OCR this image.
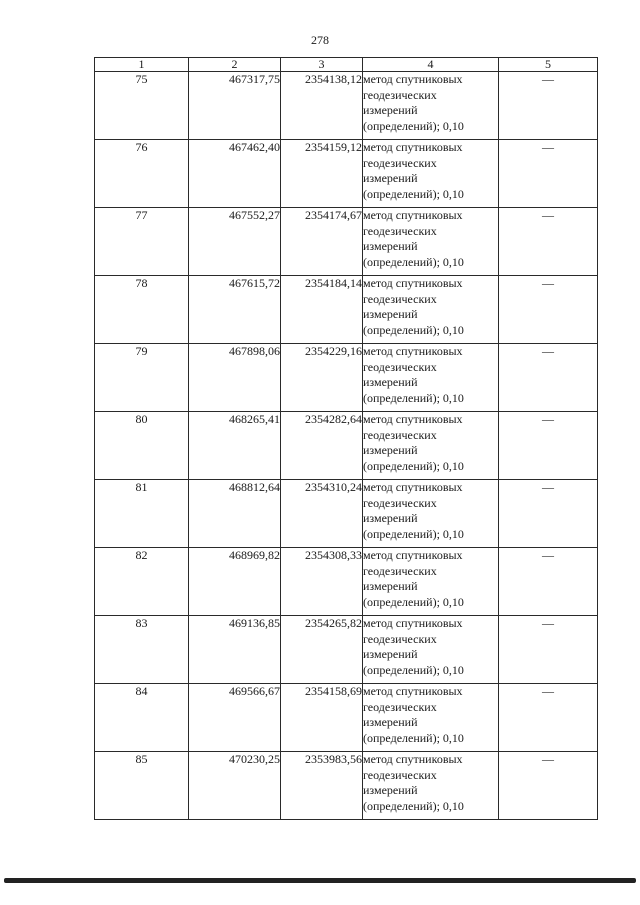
278
1	2	3	4	5
75	467317,75	2354138,12	метод спутниковых
геодезических
измерений
(определений); 0,10	—
76	467462,40	2354159,12	метод спутниковых
геодезических
измерений
(определений); 0,10	—
77	467552,27	2354174,67	метод спутниковых
геодезических
измерений
(определений); 0,10	—
78	467615,72	2354184,14	метод спутниковых
геодезических
измерений
(определений); 0,10	—
79	467898,06	2354229,16	метод спутниковых
геодезических
измерений
(определений); 0,10	—
80	468265,41	2354282,64	метод спутниковых
геодезических
измерений
(определений); 0,10	—
81	468812,64	2354310,24	метод спутниковых
геодезических
измерений
(определений); 0,10	—
82	468969,82	2354308,33	метод спутниковых
геодезических
измерений
(определений); 0,10	—
83	469136,85	2354265,82	метод спутниковых
геодезических
измерений
(определений); 0,10	—
84	469566,67	2354158,69	метод спутниковых
геодезических
измерений
(определений); 0,10	—
85	470230,25	2353983,56	метод спутниковых
геодезических
измерений
(определений); 0,10	—
